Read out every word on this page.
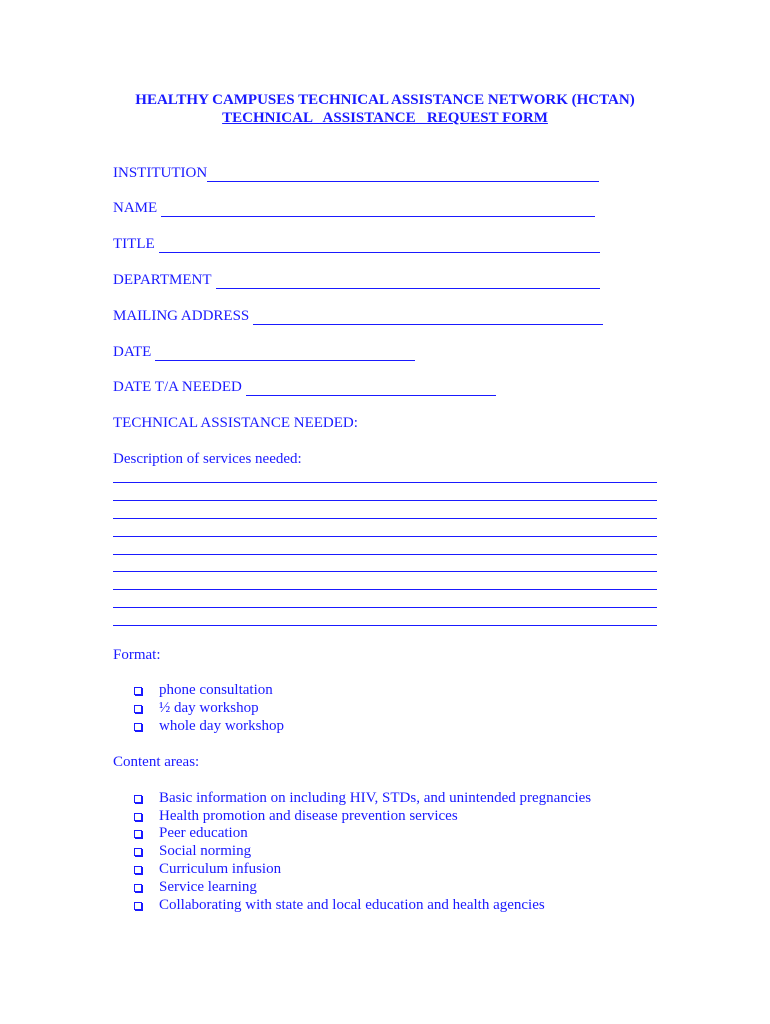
HEALTHY CAMPUSES TECHNICAL ASSISTANCE NETWORK (HCTAN)
TECHNICAL   ASSISTANCE   REQUEST FORM
INSTITUTION
NAME
TITLE
DEPARTMENT
MAILING ADDRESS
DATE
DATE T/A NEEDED
TECHNICAL ASSISTANCE NEEDED:
Description of services needed:
Format:
phone consultation
½ day workshop
whole day workshop
Content areas:
Basic information on including HIV, STDs, and unintended pregnancies
Health promotion and disease prevention services
Peer education
Social norming
Curriculum infusion
Service learning
Collaborating with state and local education and health agencies
